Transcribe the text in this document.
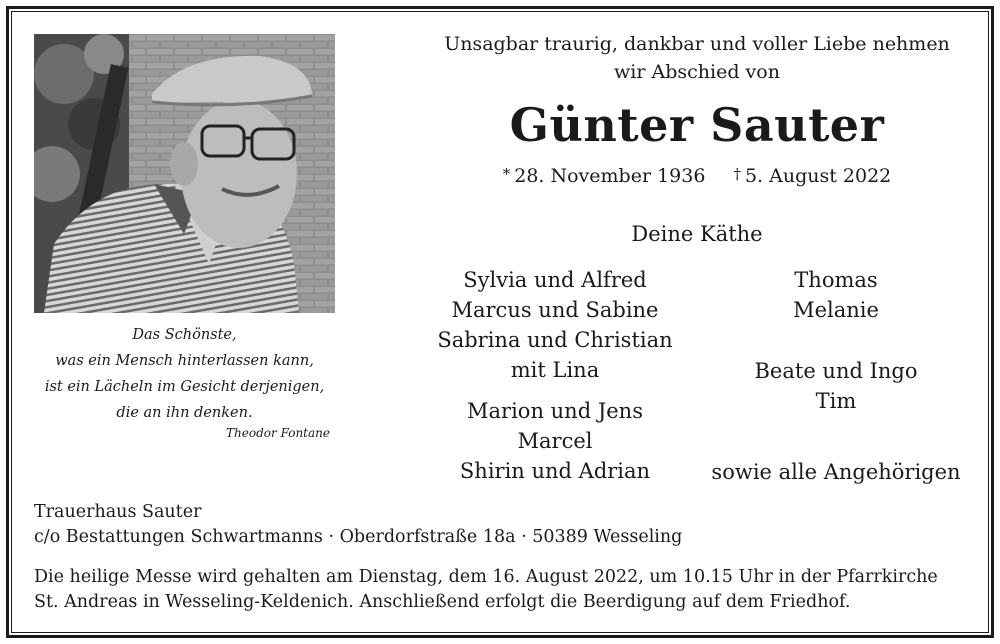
Das Schönste,
was ein Mensch hinterlassen kann,
ist ein Lächeln im Gesicht derjenigen,
die an ihn denken.
Theodor Fontane
Unsagbar traurig, dankbar und voller Liebe nehmen
wir Abschied von
Günter Sauter
* 28. November 1936 † 5. August 2022
Deine Käthe
Sylvia und Alfred
Marcus und Sabine
Sabrina und Christian
mit Lina
Marion und Jens
Marcel
Shirin und Adrian
Thomas
Melanie
Beate und Ingo
Tim
sowie alle Angehörigen
Trauerhaus Sauter
c/o Bestattungen Schwartmanns · Oberdorfstraße 18a · 50389 Wesseling
Die heilige Messe wird gehalten am Dienstag, dem 16. August 2022, um 10.15 Uhr in der Pfarrkirche
St. Andreas in Wesseling-Keldenich. Anschließend erfolgt die Beerdigung auf dem Friedhof.
